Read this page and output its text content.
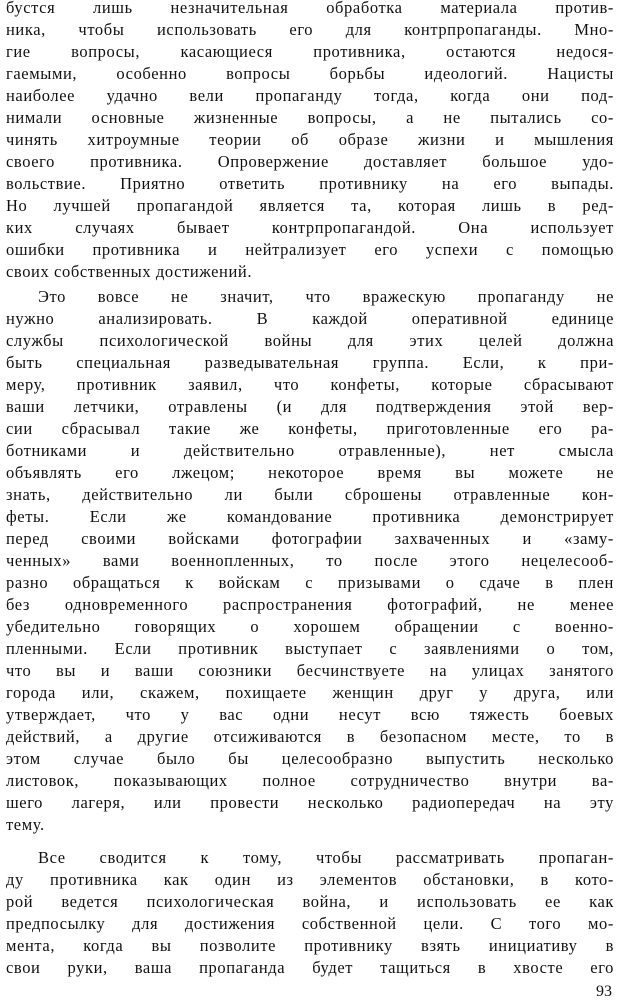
бустся лишь незначительная обработка материала против-
ника, чтобы использовать его для контрпропаганды. Мно-
гие вопросы, касающиеся противника, остаются недося-
гаемыми, особенно вопросы борьбы идеологий. Нацисты
наиболее удачно вели пропаганду тогда, когда они под-
нимали основные жизненные вопросы, а не пытались со-
чинять хитроумные теории об образе жизни и мышления
своего противника. Опровержение доставляет большое удо-
вольствие. Приятно ответить противнику на его выпады.
Но лучшей пропагандой является та, которая лишь в ред-
ких случаях бывает контрпропагандой. Она использует
ошибки противника и нейтрализует его успехи с помощью
своих собственных достижений.
Это вовсе не значит, что вражескую пропаганду не
нужно анализировать. В каждой оперативной единице
службы психологической войны для этих целей должна
быть специальная разведывательная группа. Если, к при-
меру, противник заявил, что конфеты, которые сбрасывают
ваши летчики, отравлены (и для подтверждения этой вер-
сии сбрасывал такие же конфеты, приготовленные его ра-
ботниками и действительно отравленные), нет смысла
объявлять его лжецом; некоторое время вы можете не
знать, действительно ли были сброшены отравленные кон-
феты. Если же командование противника демонстрирует
перед своими войсками фотографии захваченных и «заму-
ченных» вами военнопленных, то после этого нецелесооб-
разно обращаться к войскам с призывами о сдаче в плен
без одновременного распространения фотографий, не менее
убедительно говорящих о хорошем обращении с военно-
пленными. Если противник выступает с заявлениями о том,
что вы и ваши союзники бесчинствуете на улицах занятого
города или, скажем, похищаете женщин друг у друга, или
утверждает, что у вас одни несут всю тяжесть боевых
действий, а другие отсиживаются в безопасном месте, то в
этом случае было бы целесообразно выпустить несколько
листовок, показывающих полное сотрудничество внутри ва-
шего лагеря, или провести несколько радиопередач на эту
тему.
Все сводится к тому, чтобы рассматривать пропаган-
ду противника как один из элементов обстановки, в кото-
рой ведется психологическая война, и использовать ее как
предпосылку для достижения собственной цели. С того мо-
мента, когда вы позволите противнику взять инициативу в
свои руки, ваша пропаганда будет тащиться в хвосте его
93
